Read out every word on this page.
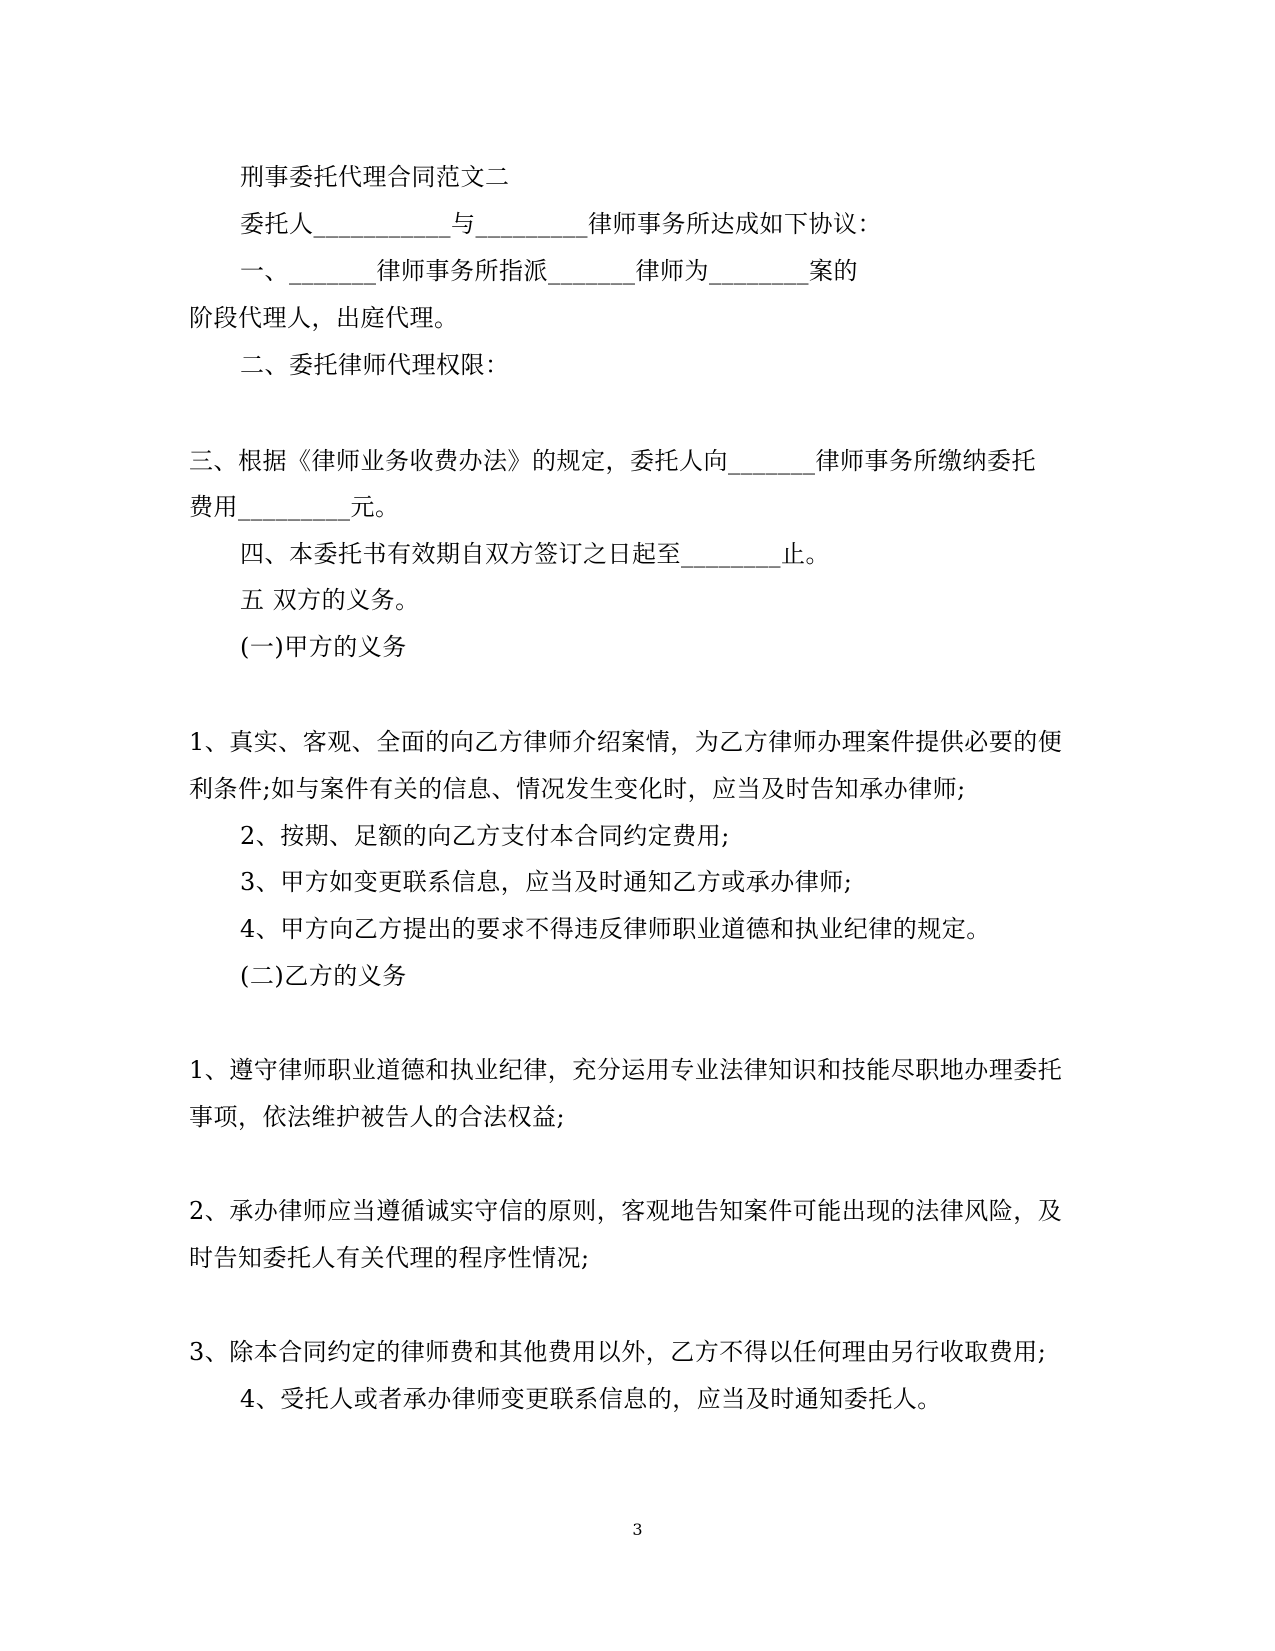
刑事委托代理合同范文二
委托人___________与_________律师事务所达成如下协议：
一、_______律师事务所指派_______律师为________案的
阶段代理人，出庭代理。
二、委托律师代理权限：
三、根据《律师业务收费办法》的规定，委托人向_______律师事务所缴纳委托
费用_________元。
四、本委托书有效期自双方签订之日起至________止。
五 双方的义务。
(一)甲方的义务
1、真实、客观、全面的向乙方律师介绍案情，为乙方律师办理案件提供必要的便
利条件;如与案件有关的信息、情况发生变化时，应当及时告知承办律师;
2、按期、足额的向乙方支付本合同约定费用;
3、甲方如变更联系信息，应当及时通知乙方或承办律师;
4、甲方向乙方提出的要求不得违反律师职业道德和执业纪律的规定。
(二)乙方的义务
1、遵守律师职业道德和执业纪律，充分运用专业法律知识和技能尽职地办理委托
事项，依法维护被告人的合法权益;
2、承办律师应当遵循诚实守信的原则，客观地告知案件可能出现的法律风险，及
时告知委托人有关代理的程序性情况;
3、除本合同约定的律师费和其他费用以外，乙方不得以任何理由另行收取费用;
4、受托人或者承办律师变更联系信息的，应当及时通知委托人。
3
